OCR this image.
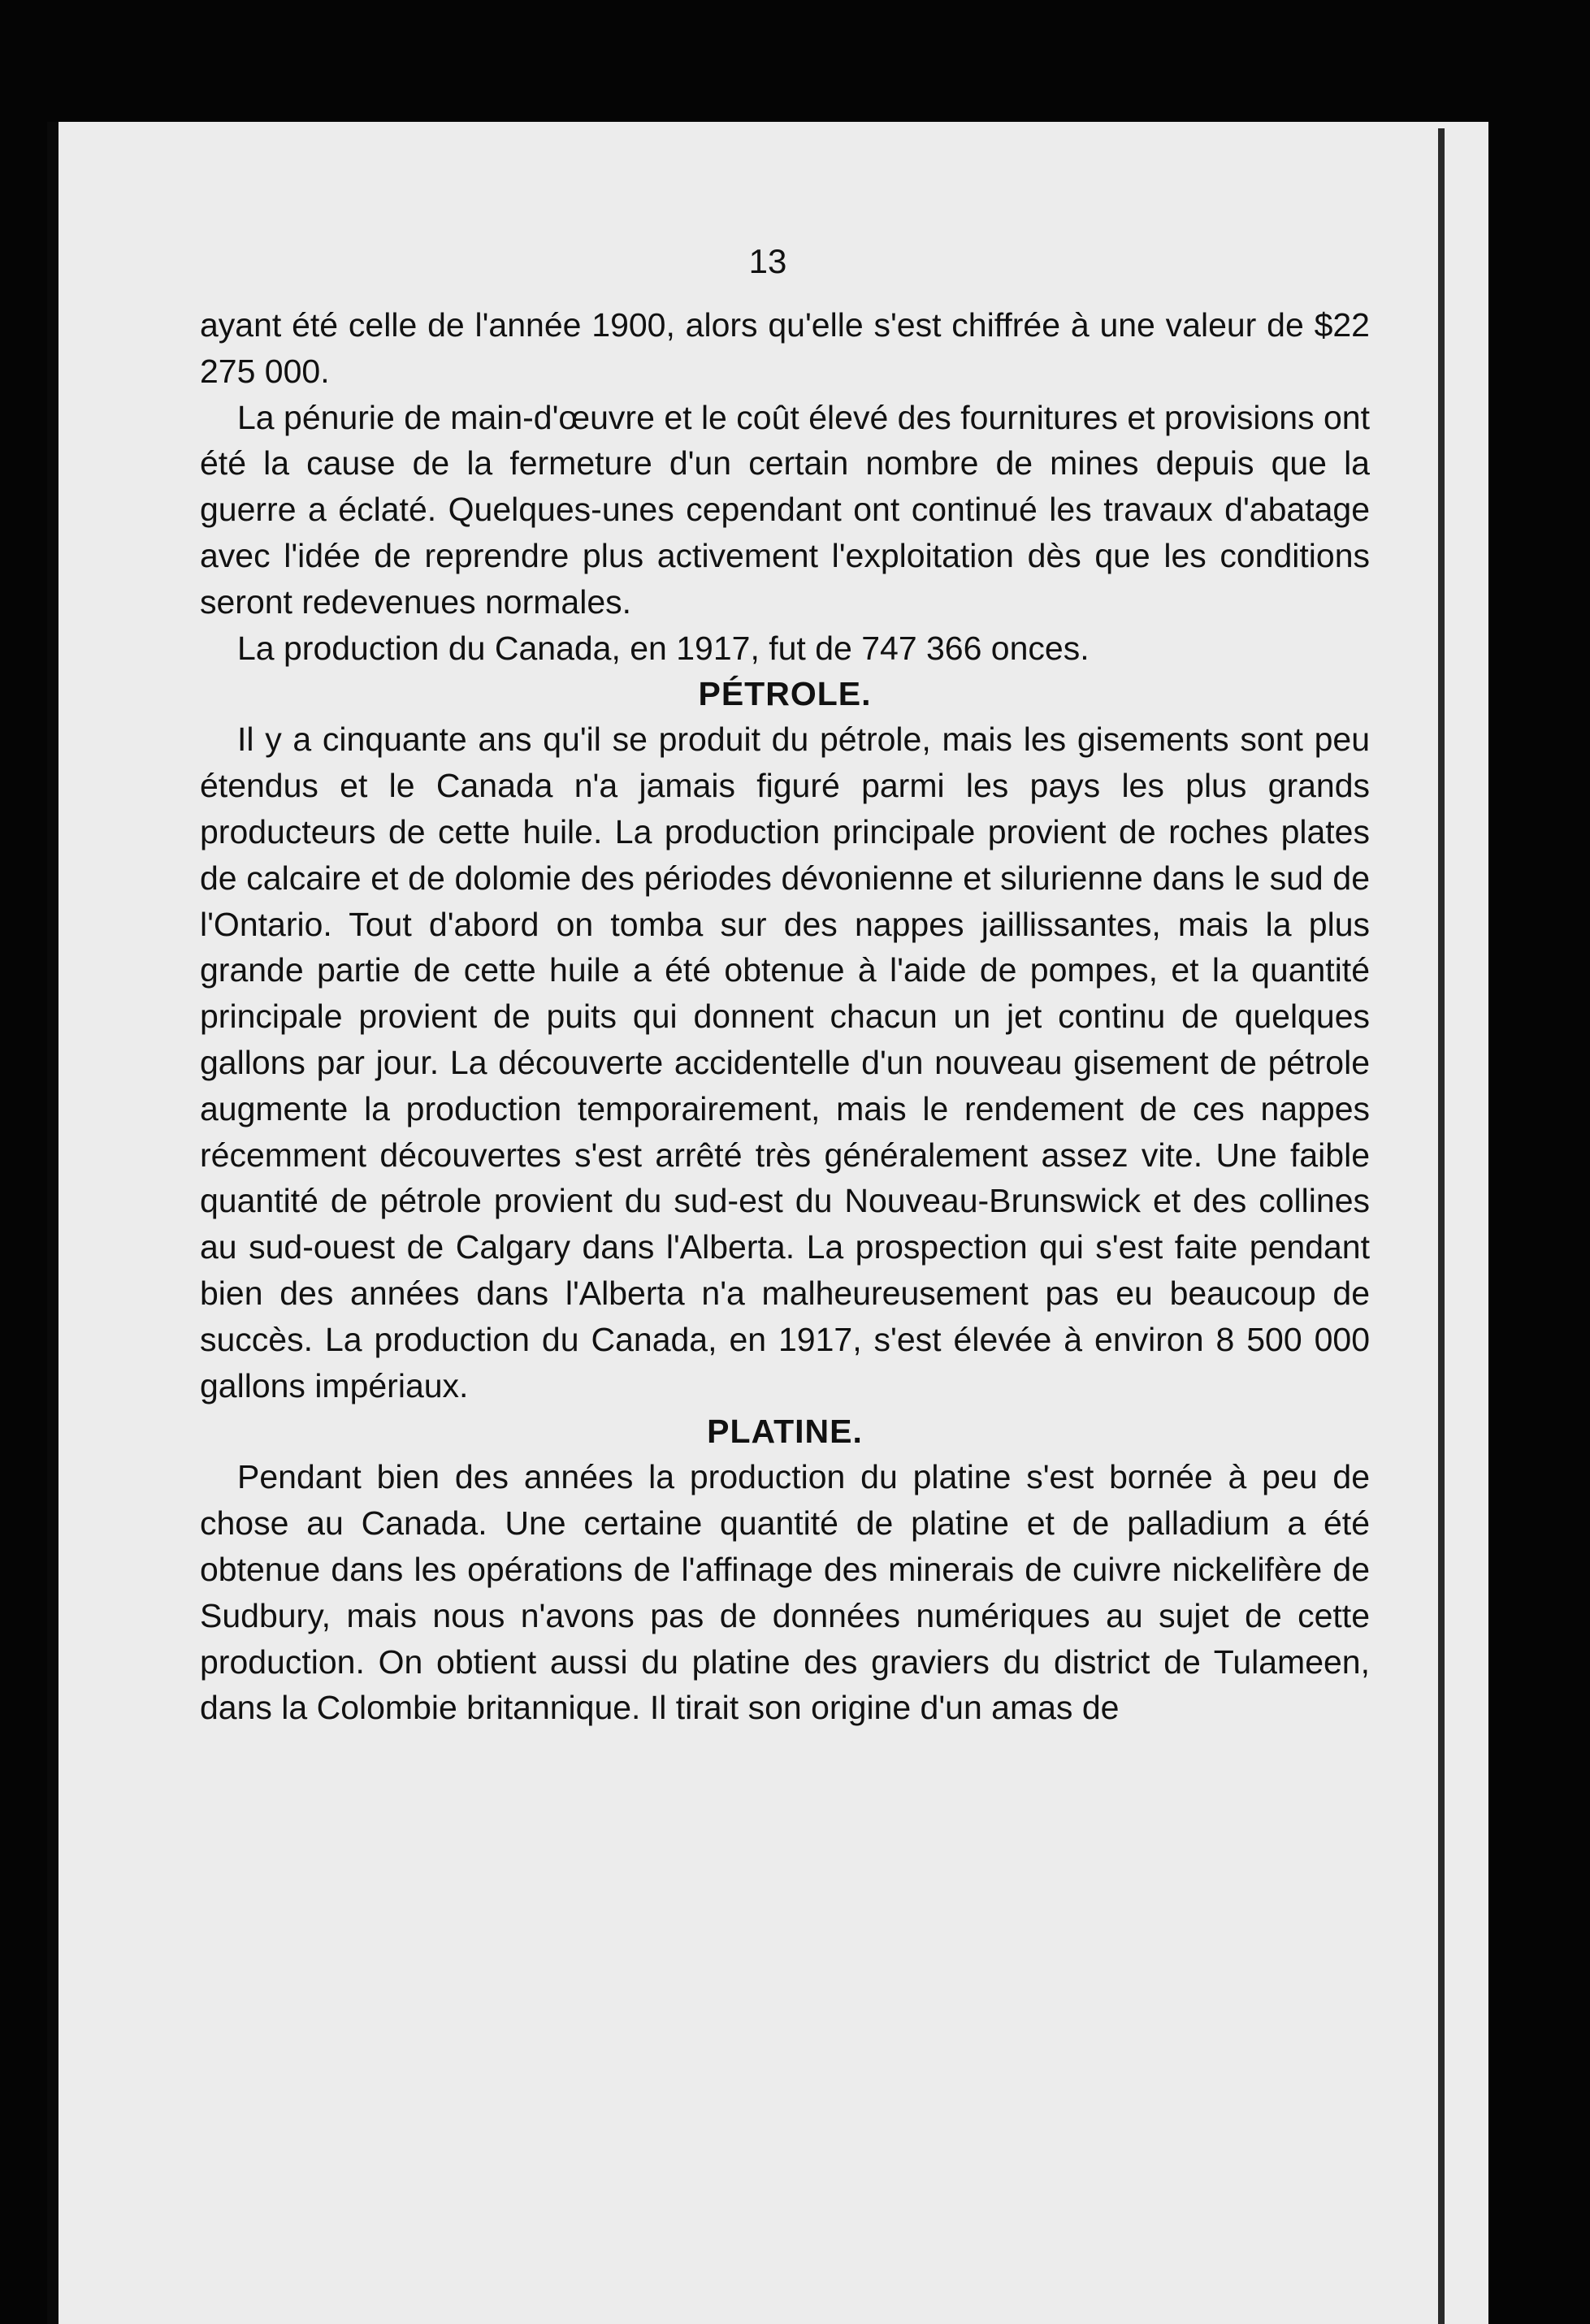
13

ayant été celle de l'année 1900, alors qu'elle s'est chiffrée à une valeur de $22 275 000.

La pénurie de main-d'œuvre et le coût élevé des fournitures et provisions ont été la cause de la fermeture d'un certain nombre de mines depuis que la guerre a éclaté. Quelques-unes cependant ont continué les travaux d'abatage avec l'idée de reprendre plus activement l'exploitation dès que les conditions seront redevenues normales.

La production du Canada, en 1917, fut de 747 366 onces.

PÉTROLE.

Il y a cinquante ans qu'il se produit du pétrole, mais les gisements sont peu étendus et le Canada n'a jamais figuré parmi les pays les plus grands producteurs de cette huile. La production principale provient de roches plates de calcaire et de dolomie des périodes dévonienne et silurienne dans le sud de l'Ontario. Tout d'abord on tomba sur des nappes jaillissantes, mais la plus grande partie de cette huile a été obtenue à l'aide de pompes, et la quantité principale provient de puits qui donnent chacun un jet continu de quelques gallons par jour. La découverte accidentelle d'un nouveau gisement de pétrole augmente la production temporairement, mais le rendement de ces nappes récemment découvertes s'est arrêté très généralement assez vite. Une faible quantité de pétrole provient du sud-est du Nouveau-Brunswick et des collines au sud-ouest de Calgary dans l'Alberta. La prospection qui s'est faite pendant bien des années dans l'Alberta n'a malheureusement pas eu beaucoup de succès. La production du Canada, en 1917, s'est élevée à environ 8 500 000 gallons impériaux.

PLATINE.

Pendant bien des années la production du platine s'est bornée à peu de chose au Canada. Une certaine quantité de platine et de palladium a été obtenue dans les opérations de l'affinage des minerais de cuivre nickelifère de Sudbury, mais nous n'avons pas de données numériques au sujet de cette production. On obtient aussi du platine des graviers du district de Tulameen, dans la Colombie britannique. Il tirait son origine d'un amas de
